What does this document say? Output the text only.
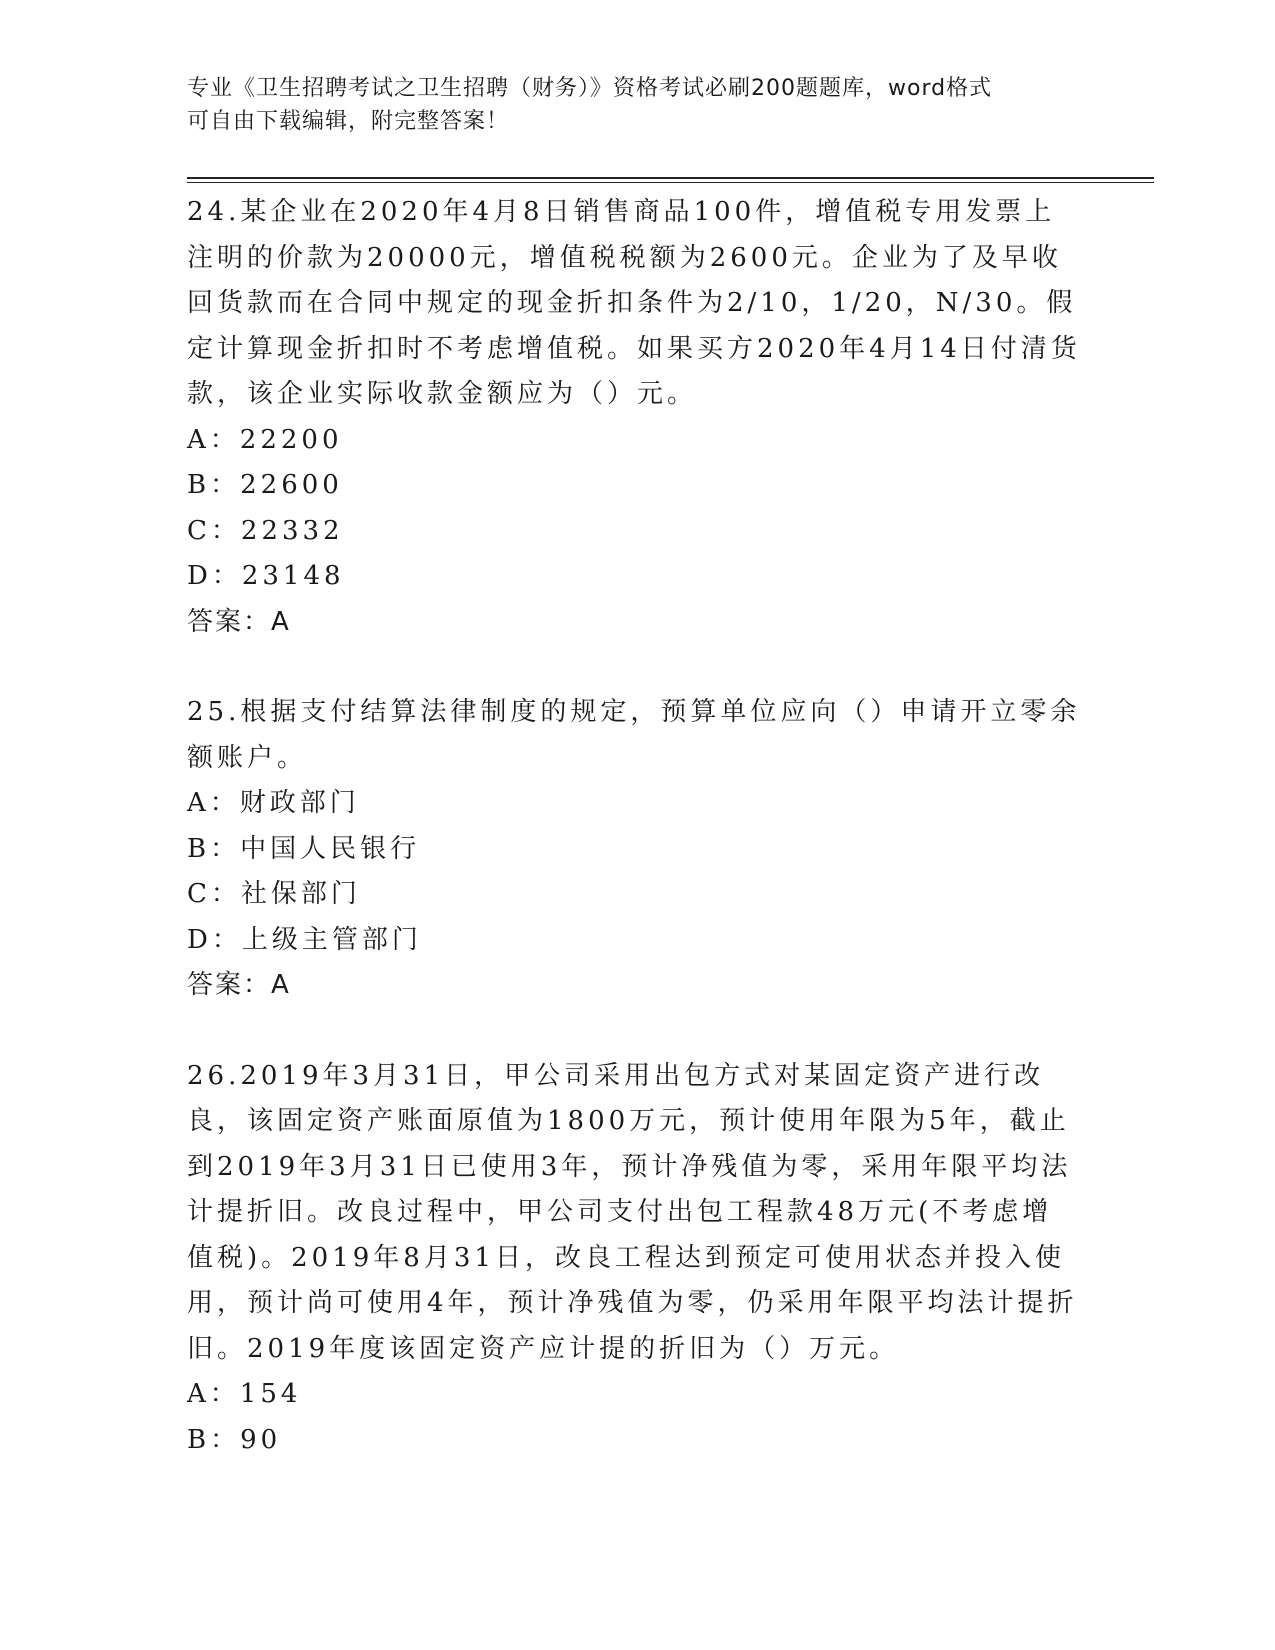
专业《卫生招聘考试之卫生招聘（财务）》资格考试必刷200题题库，word格式
可自由下载编辑，附完整答案！

24.某企业在2020年4月8日销售商品100件，增值税专用发票上注明的价款为20000元，增值税税额为2600元。企业为了及早收回货款而在合同中规定的现金折扣条件为2/10，1/20，N/30。假定计算现金折扣时不考虑增值税。如果买方2020年4月14日付清货款，该企业实际收款金额应为（）元。

A：22200

B：22600

C：22332

D：23148

答案：A

25.根据支付结算法律制度的规定，预算单位应向（）申请开立零余额账户。

A：财政部门

B：中国人民银行

C：社保部门

D：上级主管部门

答案：A

26.2019年3月31日，甲公司采用出包方式对某固定资产进行改良，该固定资产账面原值为1800万元，预计使用年限为5年，截止到2019年3月31日已使用3年，预计净残值为零，采用年限平均法计提折旧。改良过程中，甲公司支付出包工程款48万元(不考虑增值税)。2019年8月31日，改良工程达到预定可使用状态并投入使用，预计尚可使用4年，预计净残值为零，仍采用年限平均法计提折旧。2019年度该固定资产应计提的折旧为（）万元。

A：154

B：90
